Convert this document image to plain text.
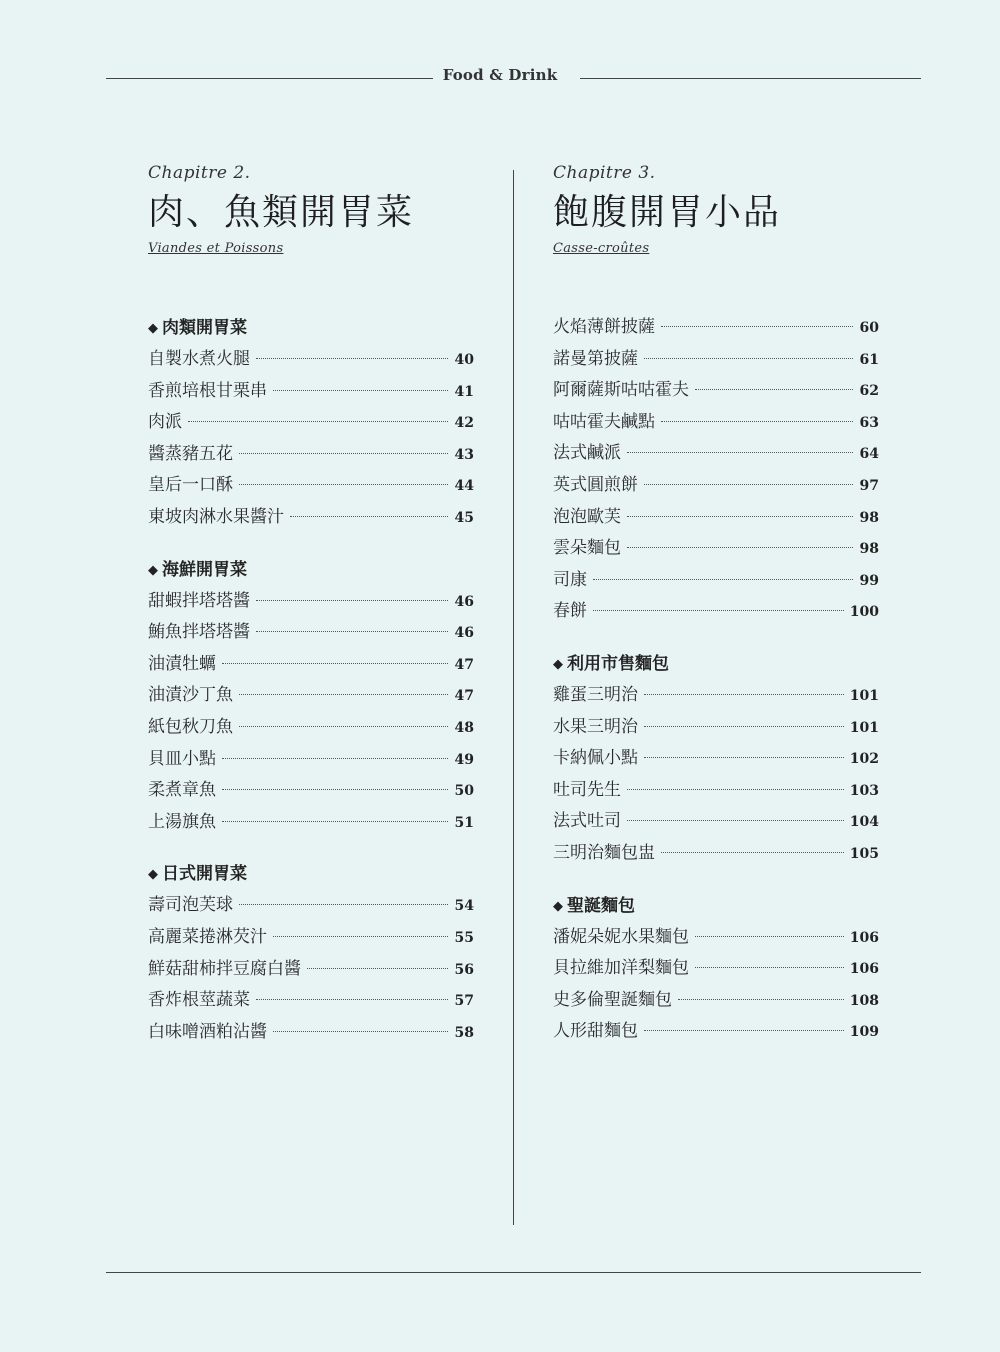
Food & Drink
Chapitre 2.
肉、魚類開胃菜
Viandes et Poissons
◆ 肉類開胃菜
自製水煮火腿	40
香煎培根甘栗串	41
肉派	42
醬蒸豬五花	43
皇后一口酥	44
東坡肉淋水果醬汁	45
◆ 海鮮開胃菜
甜蝦拌塔塔醬	46
鮪魚拌塔塔醬	46
油漬牡蠣	47
油漬沙丁魚	47
紙包秋刀魚	48
貝皿小點	49
柔煮章魚	50
上湯旗魚	51
◆ 日式開胃菜
壽司泡芙球	54
高麗菜捲淋芡汁	55
鮮菇甜柿拌豆腐白醬	56
香炸根莖蔬菜	57
白味噌酒粕沾醬	58
Chapitre 3.
飽腹開胃小品
Casse-croûtes
火焰薄餅披薩	60
諾曼第披薩	61
阿爾薩斯咕咕霍夫	62
咕咕霍夫鹹點	63
法式鹹派	64
英式圓煎餅	97
泡泡歐芙	98
雲朵麵包	98
司康	99
春餅	100
◆ 利用市售麵包
雞蛋三明治	101
水果三明治	101
卡納佩小點	102
吐司先生	103
法式吐司	104
三明治麵包盅	105
◆ 聖誕麵包
潘妮朵妮水果麵包	106
貝拉維加洋梨麵包	106
史多倫聖誕麵包	108
人形甜麵包	109
